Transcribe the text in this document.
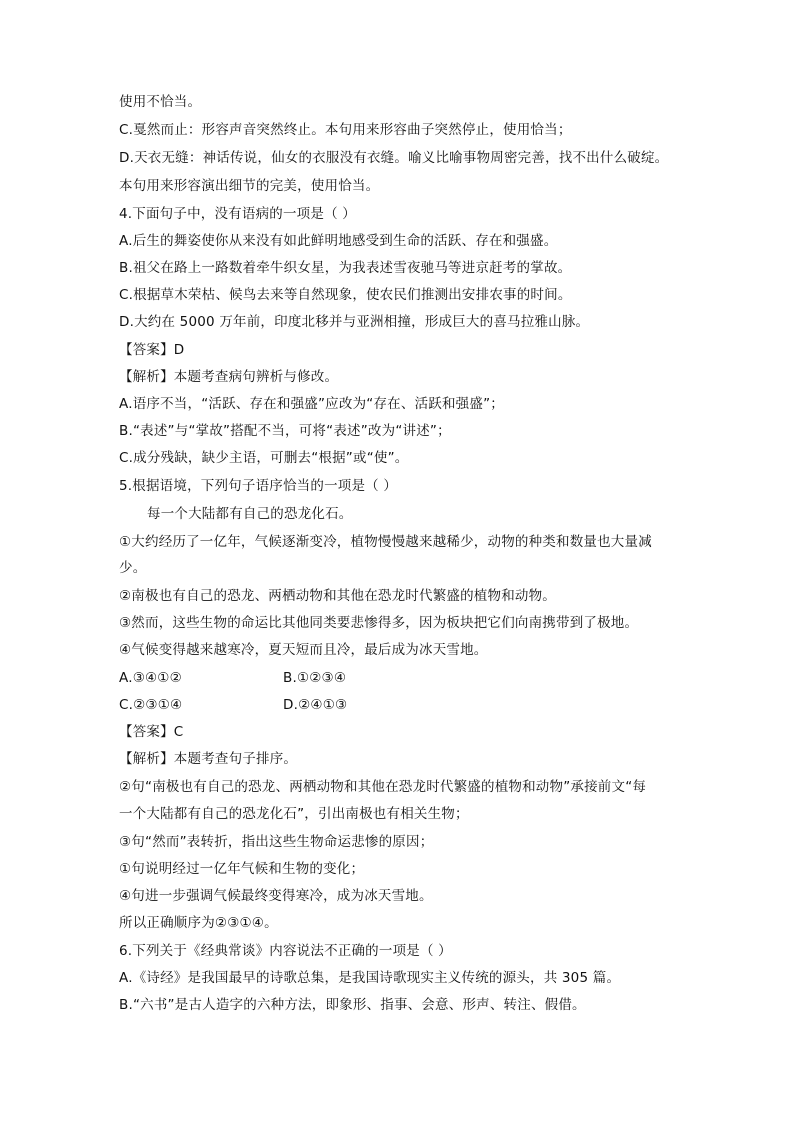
使用不恰当。
C.戛然而止：形容声音突然终止。本句用来形容曲子突然停止，使用恰当；
D.天衣无缝：神话传说，仙女的衣服没有衣缝。喻义比喻事物周密完善，找不出什么破绽。
本句用来形容演出细节的完美，使用恰当。
4.下面句子中，没有语病的一项是（ ）
A.后生的舞姿使你从来没有如此鲜明地感受到生命的活跃、存在和强盛。
B.祖父在路上一路数着牵牛织女星，为我表述雪夜驰马等进京赶考的掌故。
C.根据草木荣枯、候鸟去来等自然现象，使农民们推测出安排农事的时间。
D.大约在 5000 万年前，印度北移并与亚洲相撞，形成巨大的喜马拉雅山脉。
【答案】D
【解析】本题考查病句辨析与修改。
A.语序不当，“活跃、存在和强盛”应改为“存在、活跃和强盛”；
B.“表述”与“掌故”搭配不当，可将“表述”改为“讲述”；
C.成分残缺，缺少主语，可删去“根据”或“使”。
5.根据语境，下列句子语序恰当的一项是（ ）
每一个大陆都有自己的恐龙化石。
①大约经历了一亿年，气候逐渐变冷，植物慢慢越来越稀少，动物的种类和数量也大量减
少。
②南极也有自己的恐龙、两栖动物和其他在恐龙时代繁盛的植物和动物。
③然而，这些生物的命运比其他同类要悲惨得多，因为板块把它们向南携带到了极地。
④气候变得越来越寒冷，夏天短而且冷，最后成为冰天雪地。
A.③④①②	B.①②③④
C.②③①④	D.②④①③
【答案】C
【解析】本题考查句子排序。
②句“南极也有自己的恐龙、两栖动物和其他在恐龙时代繁盛的植物和动物”承接前文“每
一个大陆都有自己的恐龙化石”，引出南极也有相关生物；
③句“然而”表转折，指出这些生物命运悲惨的原因；
①句说明经过一亿年气候和生物的变化；
④句进一步强调气候最终变得寒冷，成为冰天雪地。
所以正确顺序为②③①④。
6.下列关于《经典常谈》内容说法不正确的一项是（ ）
A.《诗经》是我国最早的诗歌总集，是我国诗歌现实主义传统的源头，共 305 篇。
B.“六书”是古人造字的六种方法，即象形、指事、会意、形声、转注、假借。
